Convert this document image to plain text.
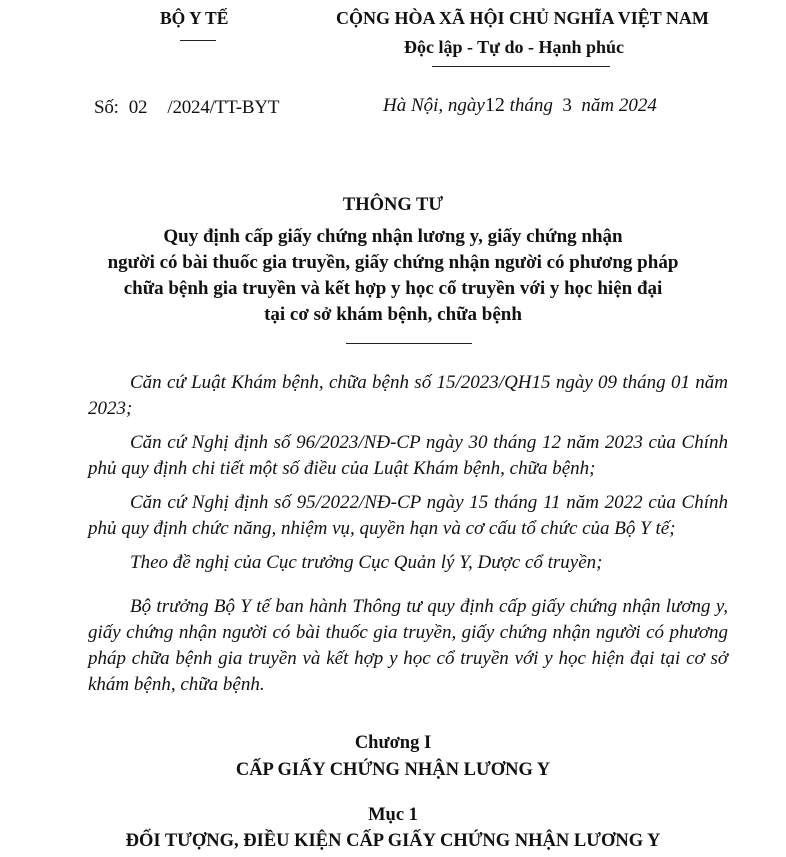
BỘ Y TẾ	CỘNG HÒA XÃ HỘI CHỦ NGHĨA VIỆT NAM
Độc lập - Tự do - Hạnh phúc
Số: 02 /2024/TT-BYT	Hà Nội, ngày12 tháng 3 năm 2024
THÔNG TƯ
Quy định cấp giấy chứng nhận lương y, giấy chứng nhận
người có bài thuốc gia truyền, giấy chứng nhận người có phương pháp
chữa bệnh gia truyền và kết hợp y học cổ truyền với y học hiện đại
tại cơ sở khám bệnh, chữa bệnh
Căn cứ Luật Khám bệnh, chữa bệnh số 15/2023/QH15 ngày 09 tháng 01 năm 2023;
Căn cứ Nghị định số 96/2023/NĐ-CP ngày 30 tháng 12 năm 2023 của Chính phủ quy định chi tiết một số điều của Luật Khám bệnh, chữa bệnh;
Căn cứ Nghị định số 95/2022/NĐ-CP ngày 15 tháng 11 năm 2022 của Chính phủ quy định chức năng, nhiệm vụ, quyền hạn và cơ cấu tổ chức của Bộ Y tế;
Theo đề nghị của Cục trưởng Cục Quản lý Y, Dược cổ truyền;
Bộ trưởng Bộ Y tế ban hành Thông tư quy định cấp giấy chứng nhận lương y, giấy chứng nhận người có bài thuốc gia truyền, giấy chứng nhận người có phương pháp chữa bệnh gia truyền và kết hợp y học cổ truyền với y học hiện đại tại cơ sở khám bệnh, chữa bệnh.
Chương I
CẤP GIẤY CHỨNG NHẬN LƯƠNG Y
Mục 1
ĐỐI TƯỢNG, ĐIỀU KIỆN CẤP GIẤY CHỨNG NHẬN LƯƠNG Y
